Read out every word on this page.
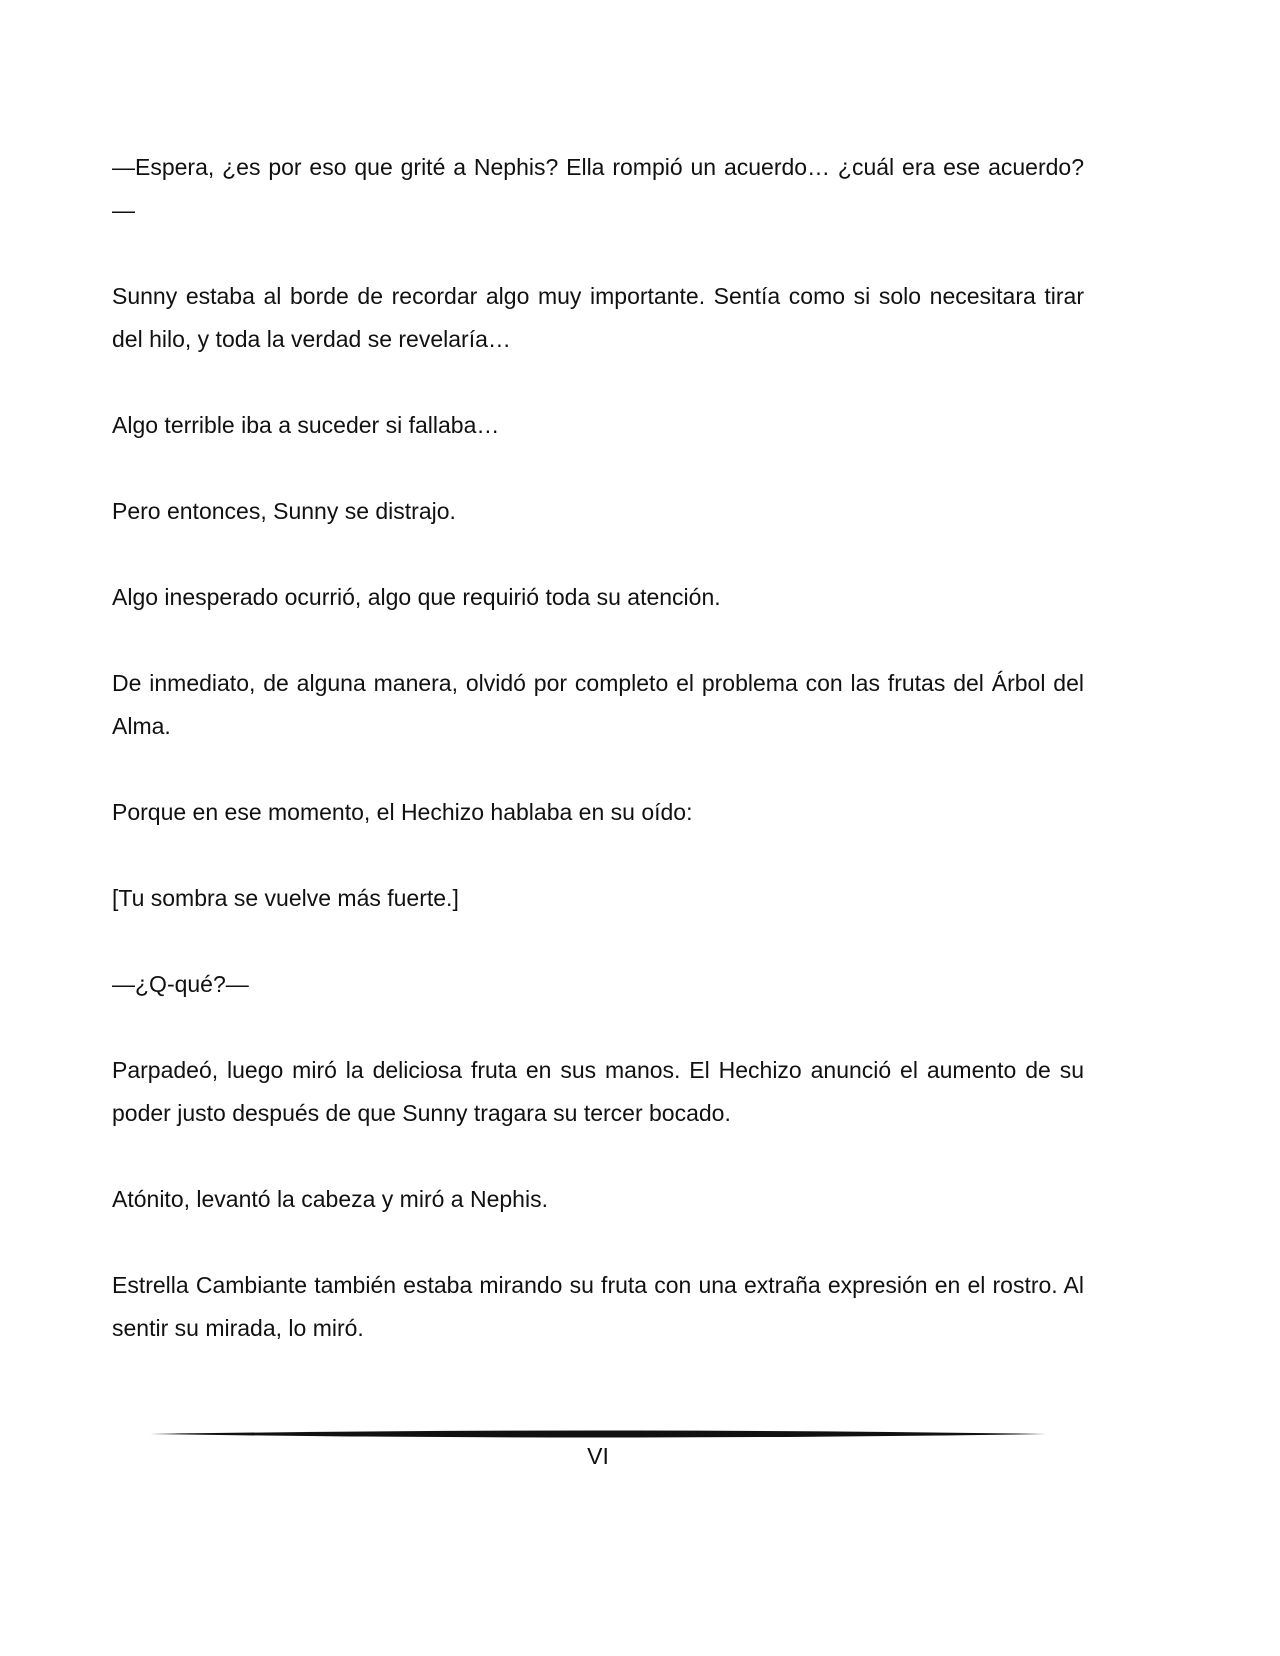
—Espera, ¿es por eso que grité a Nephis? Ella rompió un acuerdo… ¿cuál era ese acuerdo?—

Sunny estaba al borde de recordar algo muy importante. Sentía como si solo necesitara tirar del hilo, y toda la verdad se revelaría…

Algo terrible iba a suceder si fallaba…

Pero entonces, Sunny se distrajo.

Algo inesperado ocurrió, algo que requirió toda su atención.

De inmediato, de alguna manera, olvidó por completo el problema con las frutas del Árbol del Alma.

Porque en ese momento, el Hechizo hablaba en su oído:

[Tu sombra se vuelve más fuerte.]

—¿Q-qué?—

Parpadeó, luego miró la deliciosa fruta en sus manos. El Hechizo anunció el aumento de su poder justo después de que Sunny tragara su tercer bocado.

Atónito, levantó la cabeza y miró a Nephis.

Estrella Cambiante también estaba mirando su fruta con una extraña expresión en el rostro. Al sentir su mirada, lo miró.

VI
